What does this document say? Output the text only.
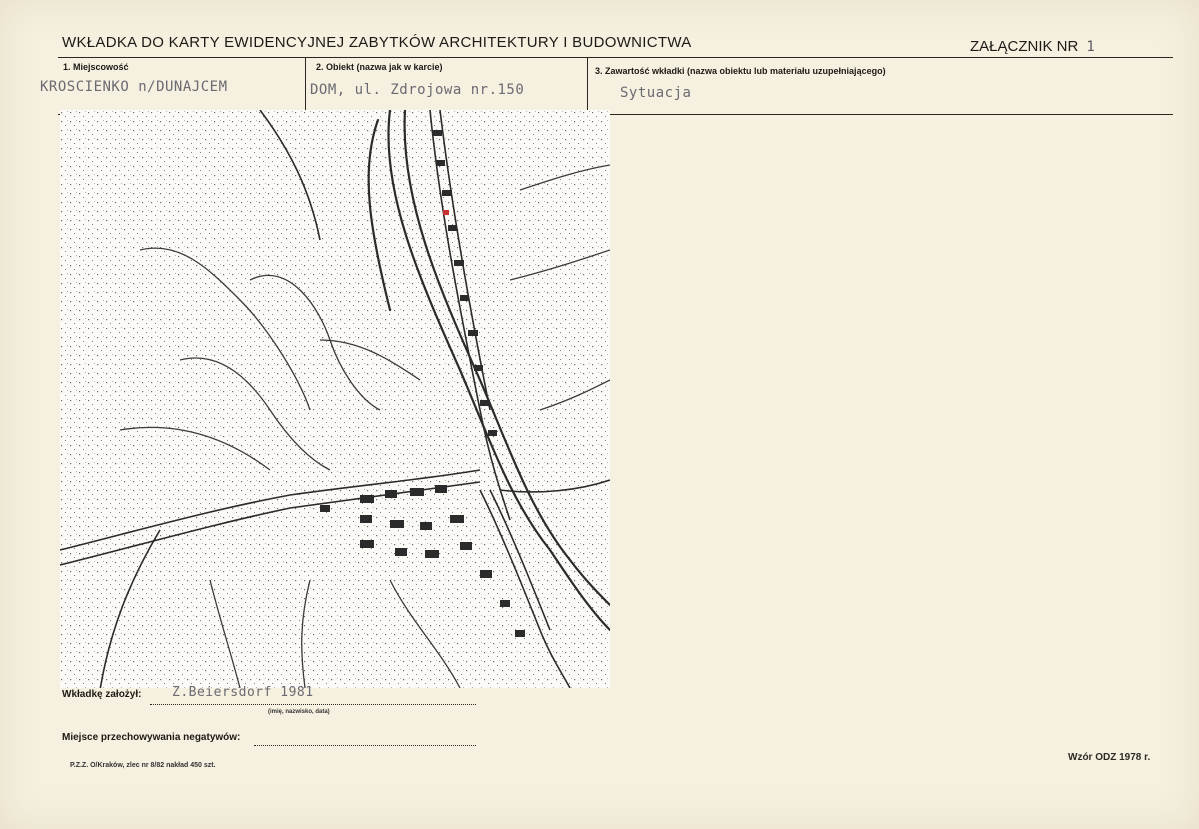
WKŁADKA DO KARTY EWIDENCYJNEJ ZABYTKÓW ARCHITEKTURY I BUDOWNICTWA	ZAŁĄCZNIK NR 1
1. Miejscowość
KROSCIENKO n/DUNAJCEM
2. Obiekt (nazwa jak w karcie)
DOM, ul. Zdrojowa nr.150
3. Zawartość wkładki (nazwa obiektu lub materiału uzupełniającego)
Sytuacja
Wkładkę założył: Z.Beiersdorf 1981
(imię, nazwisko, data)
Miejsce przechowywania negatywów:
P.Z.Z. O/Kraków, zlec nr 8/82 nakład 450 szt.
Wzór ODZ 1978 r.
